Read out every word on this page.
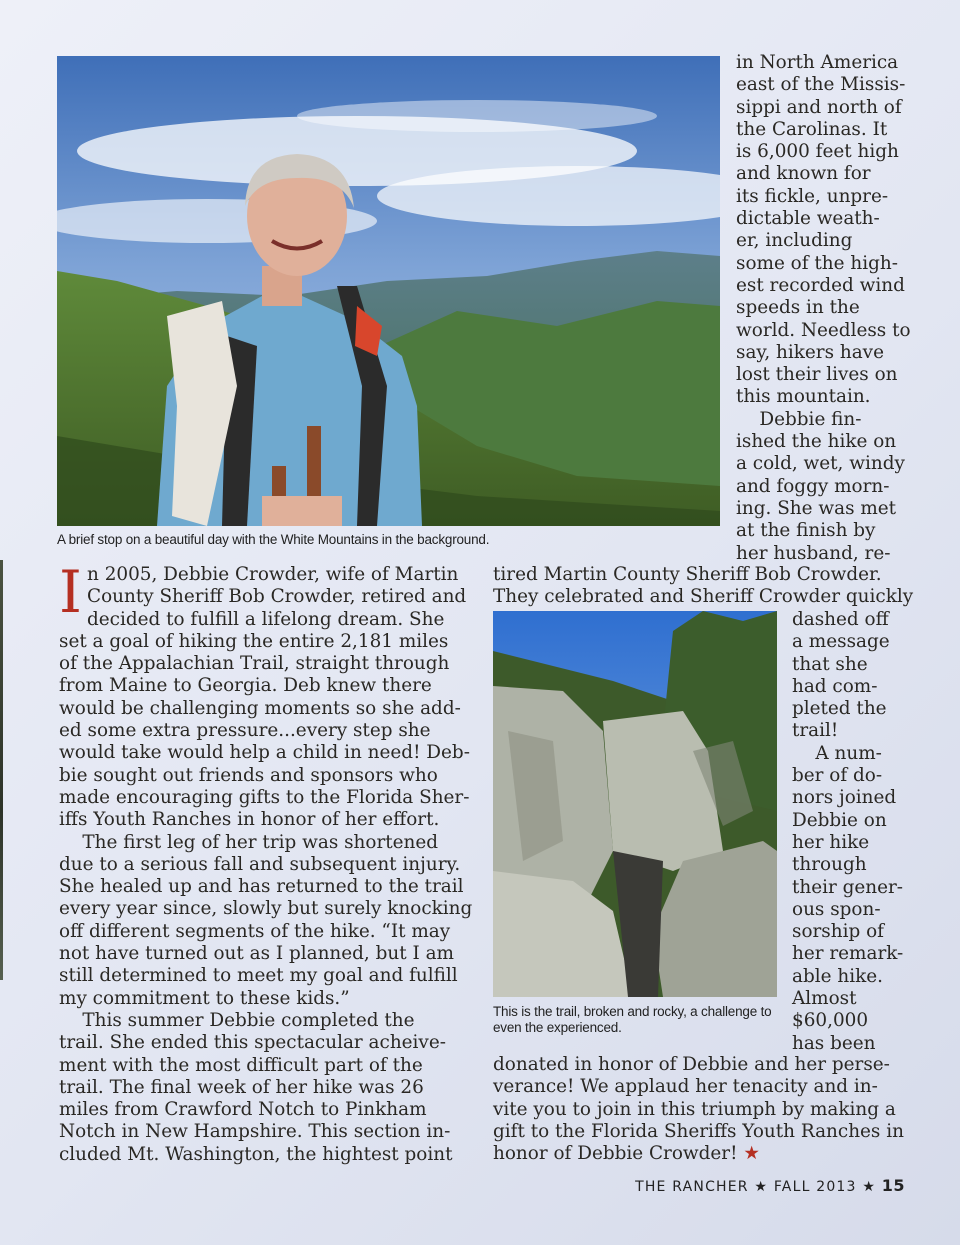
A brief stop on a beautiful day with the White Mountains in the background.
in North America
east of the Missis-
sippi and north of
the Carolinas. It
is 6,000 feet high
and known for
its fickle, unpre-
dictable weath-
er, including
some of the high-
est recorded wind
speeds in the
world. Needless to
say, hikers have
lost their lives on
this mountain.
Debbie fin-
ished the hike on
a cold, wet, windy
and foggy morn-
ing. She was met
at the finish by
her husband, re-
I n 2005, Debbie Crowder, wife of Martin
County Sheriff Bob Crowder, retired and
decided to fulfill a lifelong dream. She
set a goal of hiking the entire 2,181 miles
of the Appalachian Trail, straight through
from Maine to Georgia. Deb knew there
would be challenging moments so she add-
ed some extra pressure...every step she
would take would help a child in need! Deb-
bie sought out friends and sponsors who
made encouraging gifts to the Florida Sher-
iffs Youth Ranches in honor of her effort.
The first leg of her trip was shortened
due to a serious fall and subsequent injury.
She healed up and has returned to the trail
every year since, slowly but surely knocking
off different segments of the hike. “It may
not have turned out as I planned, but I am
still determined to meet my goal and fulfill
my commitment to these kids.”
This summer Debbie completed the
trail. She ended this spectacular acheive-
ment with the most difficult part of the
trail. The final week of her hike was 26
miles from Crawford Notch to Pinkham
Notch in New Hampshire. This section in-
cluded Mt. Washington, the hightest point
tired Martin County Sheriff Bob Crowder.
They celebrated and Sheriff Crowder quickly
This is the trail, broken and rocky, a challenge to even the experienced.
dashed off
a message
that she
had com-
pleted the
trail!
A num-
ber of do-
nors joined
Debbie on
her hike
through
their gener-
ous spon-
sorship of
her remark-
able hike.
Almost
$60,000
has been
donated in honor of Debbie and her perse-
verance! We applaud her tenacity and in-
vite you to join in this triumph by making a
gift to the Florida Sheriffs Youth Ranches in
honor of Debbie Crowder! ★
THE RANCHER ★ FALL 2013 ★ 15
